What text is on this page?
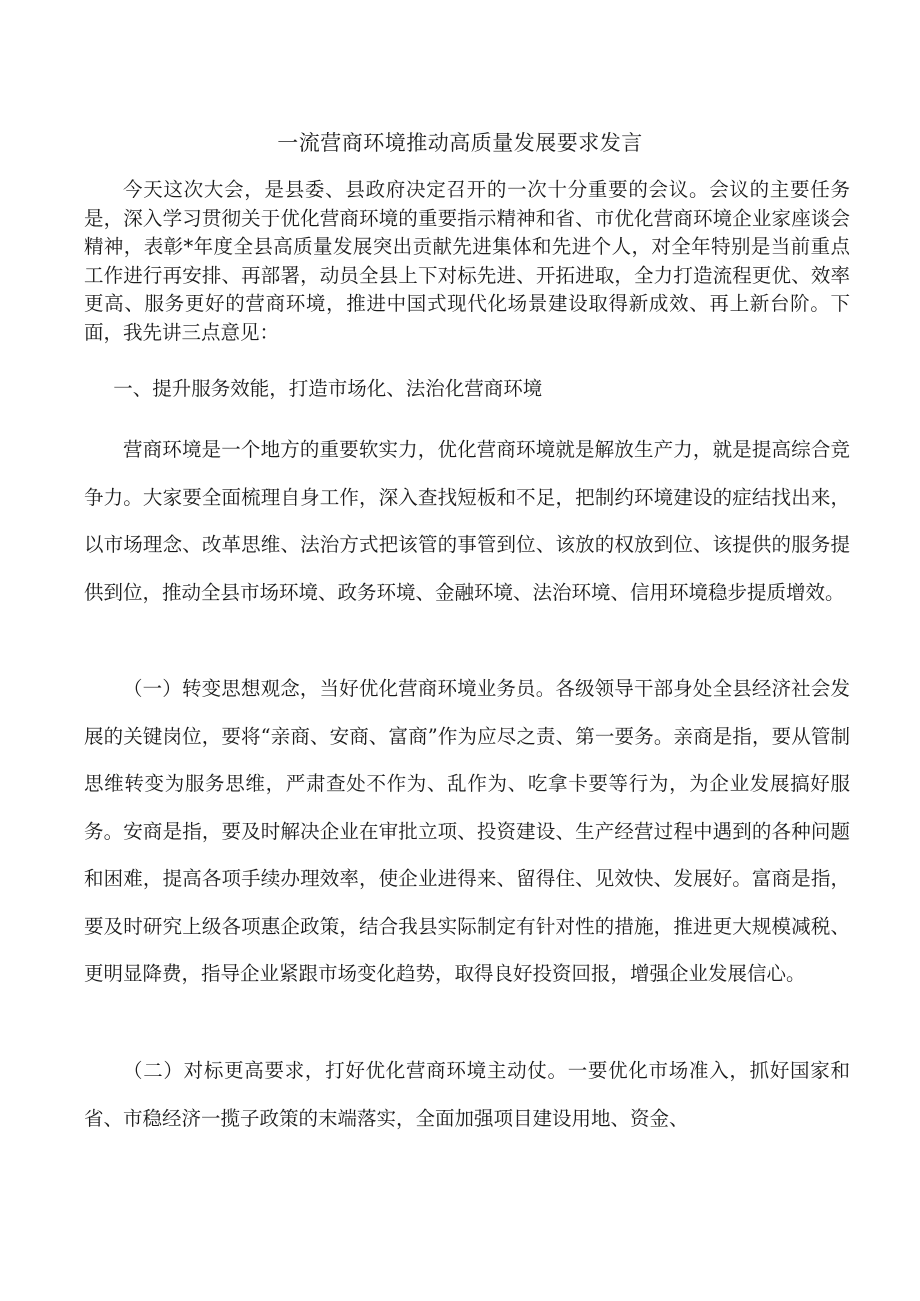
一流营商环境推动高质量发展要求发言

今天这次大会，是县委、县政府决定召开的一次十分重要的会议。会议的主要任务是，深入学习贯彻关于优化营商环境的重要指示精神和省、市优化营商环境企业家座谈会精神，表彰*年度全县高质量发展突出贡献先进集体和先进个人，对全年特别是当前重点工作进行再安排、再部署，动员全县上下对标先进、开拓进取，全力打造流程更优、效率更高、服务更好的营商环境，推进中国式现代化场景建设取得新成效、再上新台阶。下面，我先讲三点意见：

一、提升服务效能，打造市场化、法治化营商环境

营商环境是一个地方的重要软实力，优化营商环境就是解放生产力，就是提高综合竞争力。大家要全面梳理自身工作，深入查找短板和不足，把制约环境建设的症结找出来，以市场理念、改革思维、法治方式把该管的事管到位、该放的权放到位、该提供的服务提供到位，推动全县市场环境、政务环境、金融环境、法治环境、信用环境稳步提质增效。

（一）转变思想观念，当好优化营商环境业务员。各级领导干部身处全县经济社会发展的关键岗位，要将“亲商、安商、富商”作为应尽之责、第一要务。亲商是指，要从管制思维转变为服务思维，严肃查处不作为、乱作为、吃拿卡要等行为，为企业发展搞好服务。安商是指，要及时解决企业在审批立项、投资建设、生产经营过程中遇到的各种问题和困难，提高各项手续办理效率，使企业进得来、留得住、见效快、发展好。富商是指，要及时研究上级各项惠企政策，结合我县实际制定有针对性的措施，推进更大规模减税、更明显降费，指导企业紧跟市场变化趋势，取得良好投资回报，增强企业发展信心。

（二）对标更高要求，打好优化营商环境主动仗。一要优化市场准入，抓好国家和省、市稳经济一揽子政策的末端落实，全面加强项目建设用地、资金、
